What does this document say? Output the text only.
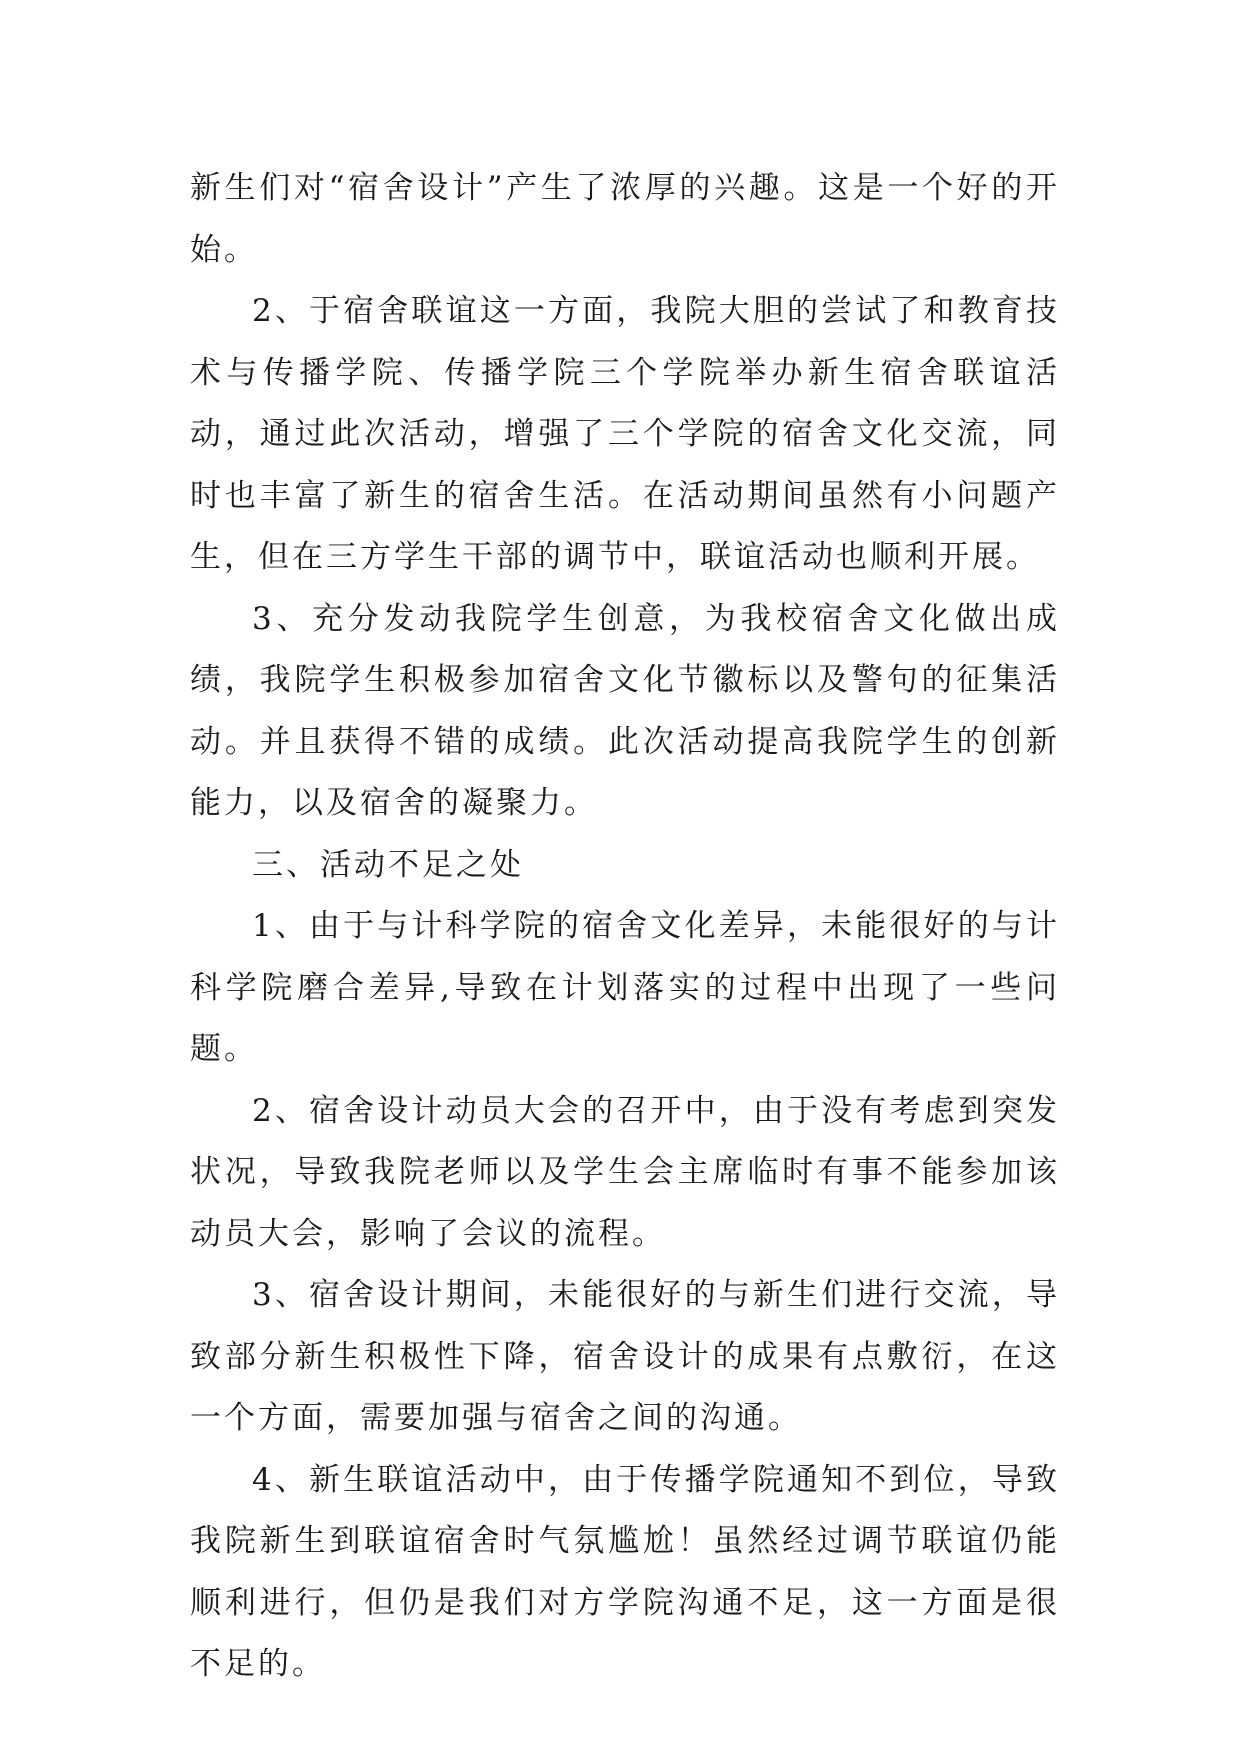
新生们对“宿舍设计”产生了浓厚的兴趣。这是一个好的开始。

2、于宿舍联谊这一方面，我院大胆的尝试了和教育技术与传播学院、传播学院三个学院举办新生宿舍联谊活动，通过此次活动，增强了三个学院的宿舍文化交流，同时也丰富了新生的宿舍生活。在活动期间虽然有小问题产生，但在三方学生干部的调节中，联谊活动也顺利开展。

3、充分发动我院学生创意，为我校宿舍文化做出成绩，我院学生积极参加宿舍文化节徽标以及警句的征集活动。并且获得不错的成绩。此次活动提高我院学生的创新能力，以及宿舍的凝聚力。

三、活动不足之处

1、由于与计科学院的宿舍文化差异，未能很好的与计科学院磨合差异,导致在计划落实的过程中出现了一些问题。

2、宿舍设计动员大会的召开中，由于没有考虑到突发状况，导致我院老师以及学生会主席临时有事不能参加该动员大会，影响了会议的流程。

3、宿舍设计期间，未能很好的与新生们进行交流，导致部分新生积极性下降，宿舍设计的成果有点敷衍，在这一个方面，需要加强与宿舍之间的沟通。

4、新生联谊活动中，由于传播学院通知不到位，导致我院新生到联谊宿舍时气氛尴尬！虽然经过调节联谊仍能顺利进行，但仍是我们对方学院沟通不足，这一方面是很不足的。
